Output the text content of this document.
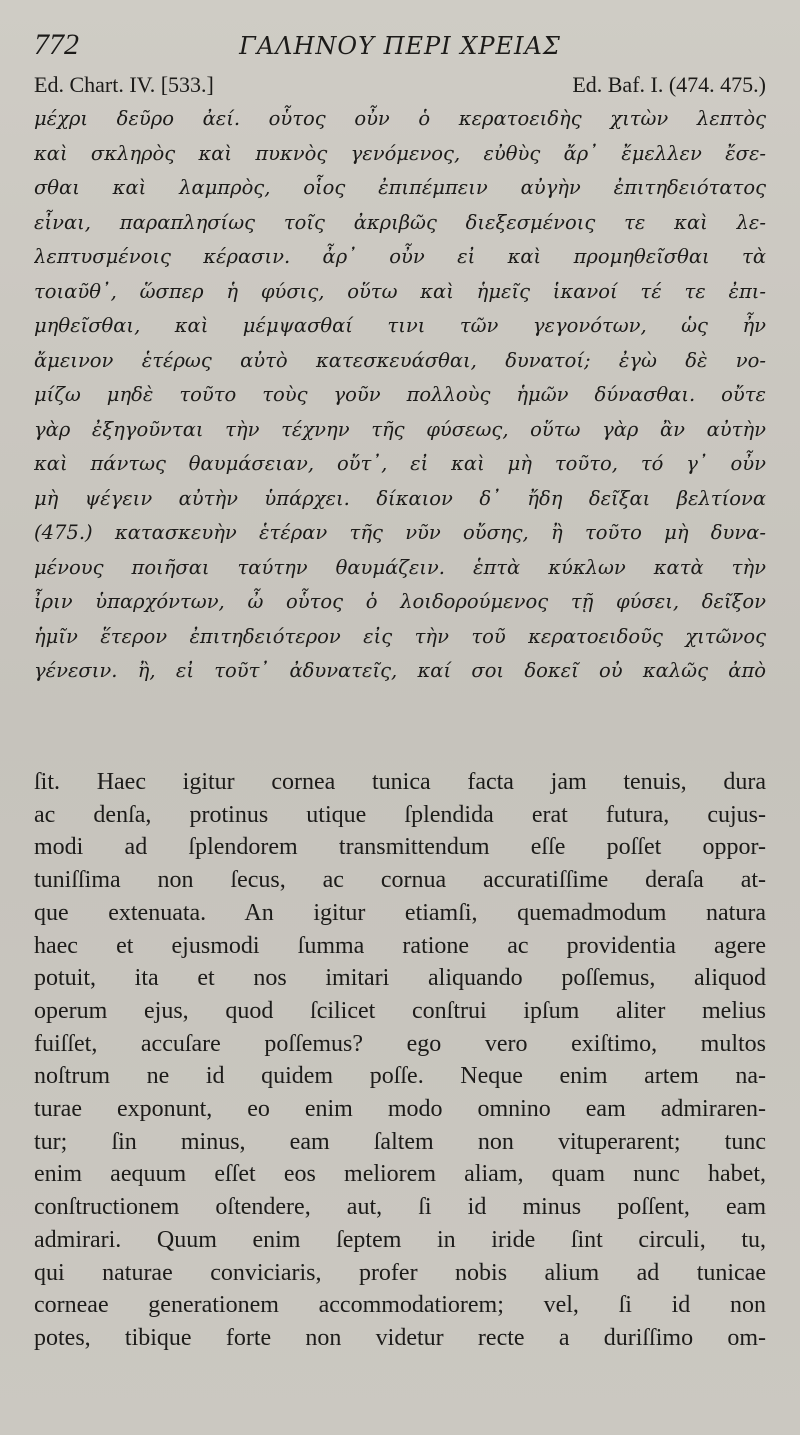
772	ΓΑΛΗΝΟΥ ΠΕΡΙ ΧΡΕΙΑΣ
Ed. Chart. IV. [533.]	Ed. Baf. I. (474. 475.)
μέχρι δεῦρο ἀεί. οὗτος οὖν ὁ κερατοειδὴς χιτὼν λεπτὸς
καὶ σκληρὸς καὶ πυκνὸς γενόμενος, εὐθὺς ἄρ᾽ ἔμελλεν ἔσε-
σθαι καὶ λαμπρὸς, οἷος ἐπιπέμπειν αὐγὴν ἐπιτηδειότατος
εἶναι, παραπλησίως τοῖς ἀκριβῶς διεξεσμένοις τε καὶ λε-
λεπτυσμένοις κέρασιν. ἆρ᾽ οὖν εἰ καὶ προμηθεῖσθαι τὰ
τοιαῦθ᾽, ὥσπερ ἡ φύσις, οὕτω καὶ ἡμεῖς ἱκανοί τέ τε ἐπι-
μηθεῖσθαι, καὶ μέμψασθαί τινι τῶν γεγονότων, ὡς ἦν
ἄμεινον ἑτέρως αὐτὸ κατεσκευάσθαι, δυνατοί; ἐγὼ δὲ νο-
μίζω μηδὲ τοῦτο τοὺς γοῦν πολλοὺς ἡμῶν δύνασθαι. οὔτε
γὰρ ἐξηγοῦνται τὴν τέχνην τῆς φύσεως, οὕτω γὰρ ἂν αὐτὴν
καὶ πάντως θαυμάσειαν, οὔτ᾽, εἰ καὶ μὴ τοῦτο, τό γ᾽ οὖν
μὴ ψέγειν αὐτὴν ὑπάρχει. δίκαιον δ᾽ ἤδη δεῖξαι βελτίονα
(475.) κατασκευὴν ἑτέραν τῆς νῦν οὔσης, ἢ τοῦτο μὴ δυνα-
μένους ποιῆσαι ταύτην θαυμάζειν. ἑπτὰ κύκλων κατὰ τὴν
ἶριν ὑπαρχόντων, ὦ οὗτος ὁ λοιδορούμενος τῇ φύσει, δεῖξον
ἡμῖν ἕτερον ἐπιτηδειότερον εἰς τὴν τοῦ κερατοειδοῦς χιτῶνος
γένεσιν. ἢ, εἰ τοῦτ᾽ ἀδυνατεῖς, καί σοι δοκεῖ οὐ καλῶς ἀπὸ
ſit. Haec igitur cornea tunica facta jam tenuis, dura
ac denſa, protinus utique ſplendida erat futura, cujus-
modi ad ſplendorem transmittendum eſſe poſſet oppor-
tuniſſima non ſecus, ac cornua accuratiſſime deraſa at-
que extenuata. An igitur etiamſi, quemadmodum natura
haec et ejusmodi ſumma ratione ac providentia agere
potuit, ita et nos imitari aliquando poſſemus, aliquod
operum ejus, quod ſcilicet conſtrui ipſum aliter melius
fuiſſet, accuſare poſſemus? ego vero exiſtimo, multos
noſtrum ne id quidem poſſe. Neque enim artem na-
turae exponunt, eo enim modo omnino eam admiraren-
tur; ſin minus, eam ſaltem non vituperarent; tunc
enim aequum eſſet eos meliorem aliam, quam nunc habet,
conſtructionem oſtendere, aut, ſi id minus poſſent, eam
admirari. Quum enim ſeptem in iride ſint circuli, tu,
qui naturae conviciaris, profer nobis alium ad tunicae
corneae generationem accommodatiorem; vel, ſi id non
potes, tibique forte non videtur recte a duriſſimo om-
